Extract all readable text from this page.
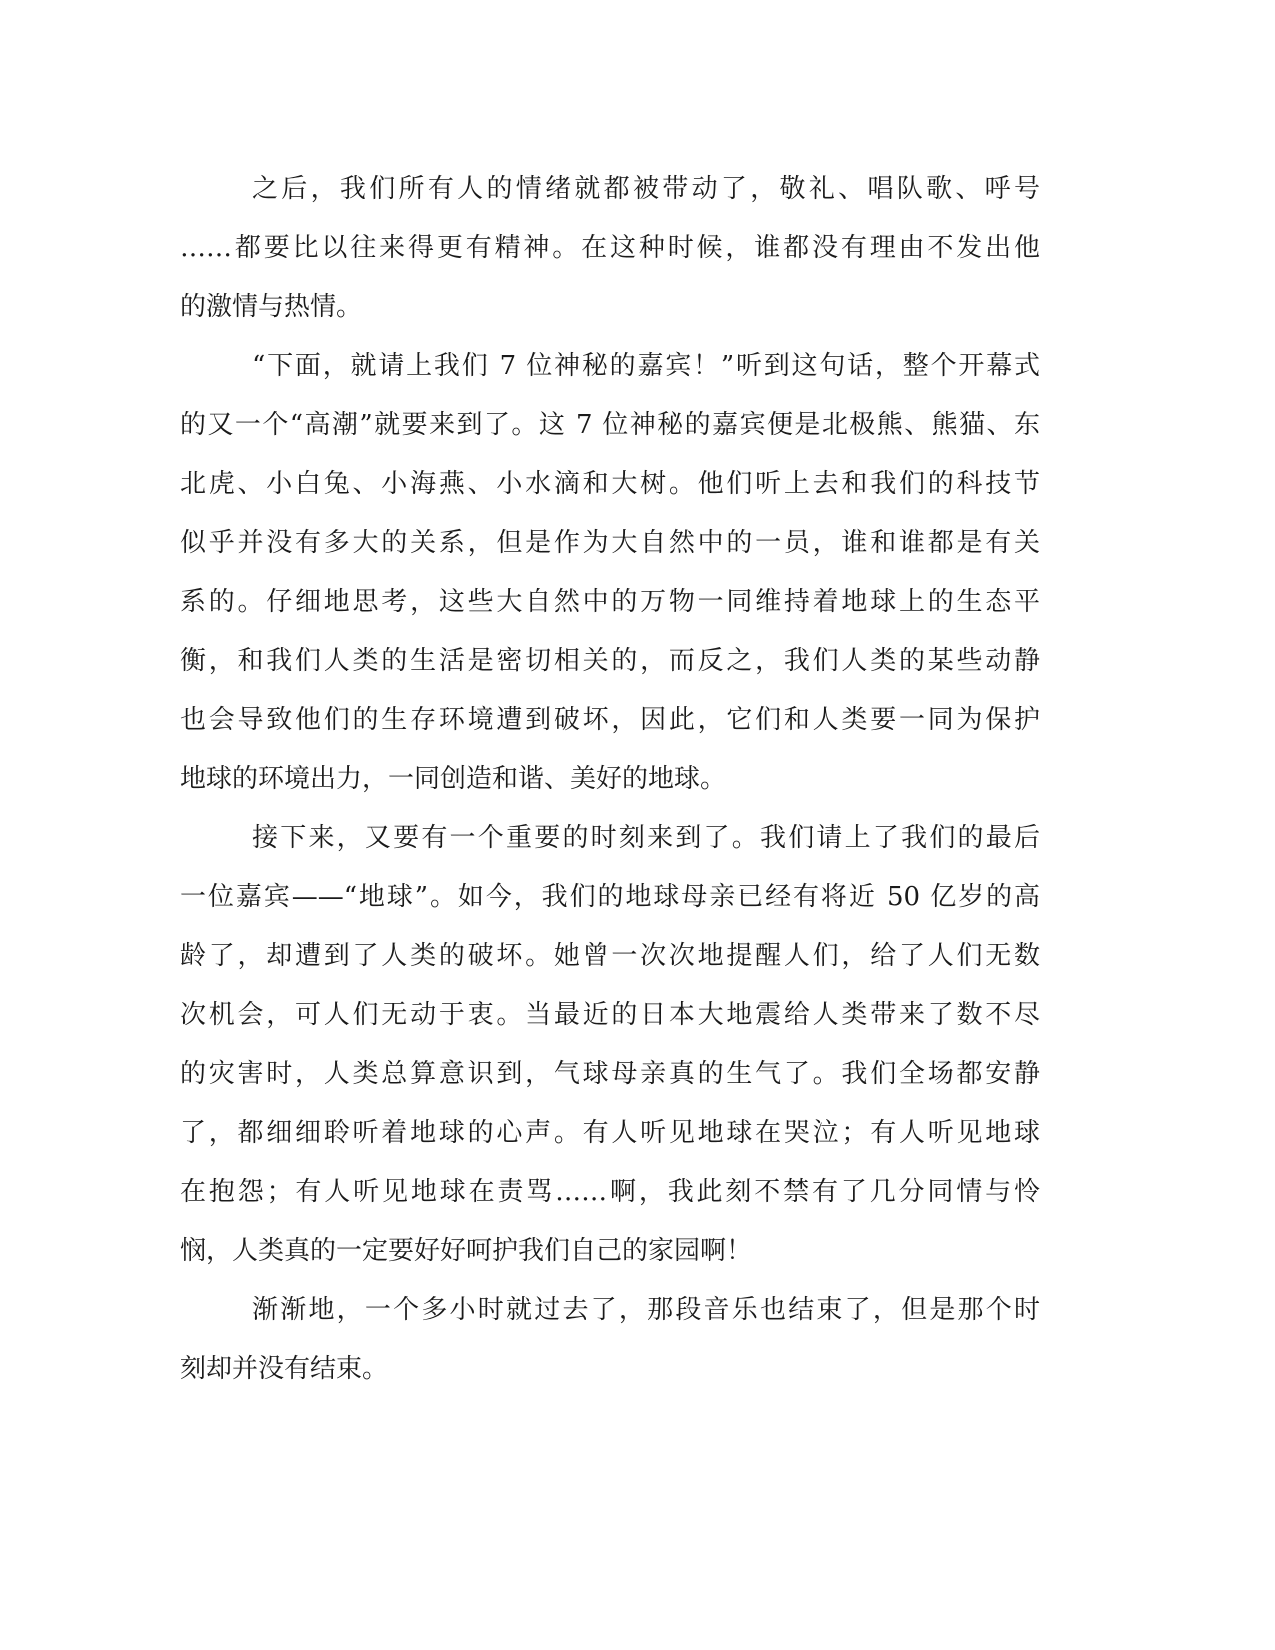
之后，我们所有人的情绪就都被带动了，敬礼、唱队歌、呼号
……都要比以往来得更有精神。在这种时候，谁都没有理由不发出他
的激情与热情。
“下面，就请上我们 7 位神秘的嘉宾！”听到这句话，整个开幕式
的又一个“高潮”就要来到了。这 7 位神秘的嘉宾便是北极熊、熊猫、东
北虎、小白兔、小海燕、小水滴和大树。他们听上去和我们的科技节
似乎并没有多大的关系，但是作为大自然中的一员，谁和谁都是有关
系的。仔细地思考，这些大自然中的万物一同维持着地球上的生态平
衡，和我们人类的生活是密切相关的，而反之，我们人类的某些动静
也会导致他们的生存环境遭到破坏，因此，它们和人类要一同为保护
地球的环境出力，一同创造和谐、美好的地球。
接下来，又要有一个重要的时刻来到了。我们请上了我们的最后
一位嘉宾——“地球”。如今，我们的地球母亲已经有将近 50 亿岁的高
龄了，却遭到了人类的破坏。她曾一次次地提醒人们，给了人们无数
次机会，可人们无动于衷。当最近的日本大地震给人类带来了数不尽
的灾害时，人类总算意识到，气球母亲真的生气了。我们全场都安静
了，都细细聆听着地球的心声。有人听见地球在哭泣；有人听见地球
在抱怨；有人听见地球在责骂……啊，我此刻不禁有了几分同情与怜
悯，人类真的一定要好好呵护我们自己的家园啊！
渐渐地，一个多小时就过去了，那段音乐也结束了，但是那个时
刻却并没有结束。
